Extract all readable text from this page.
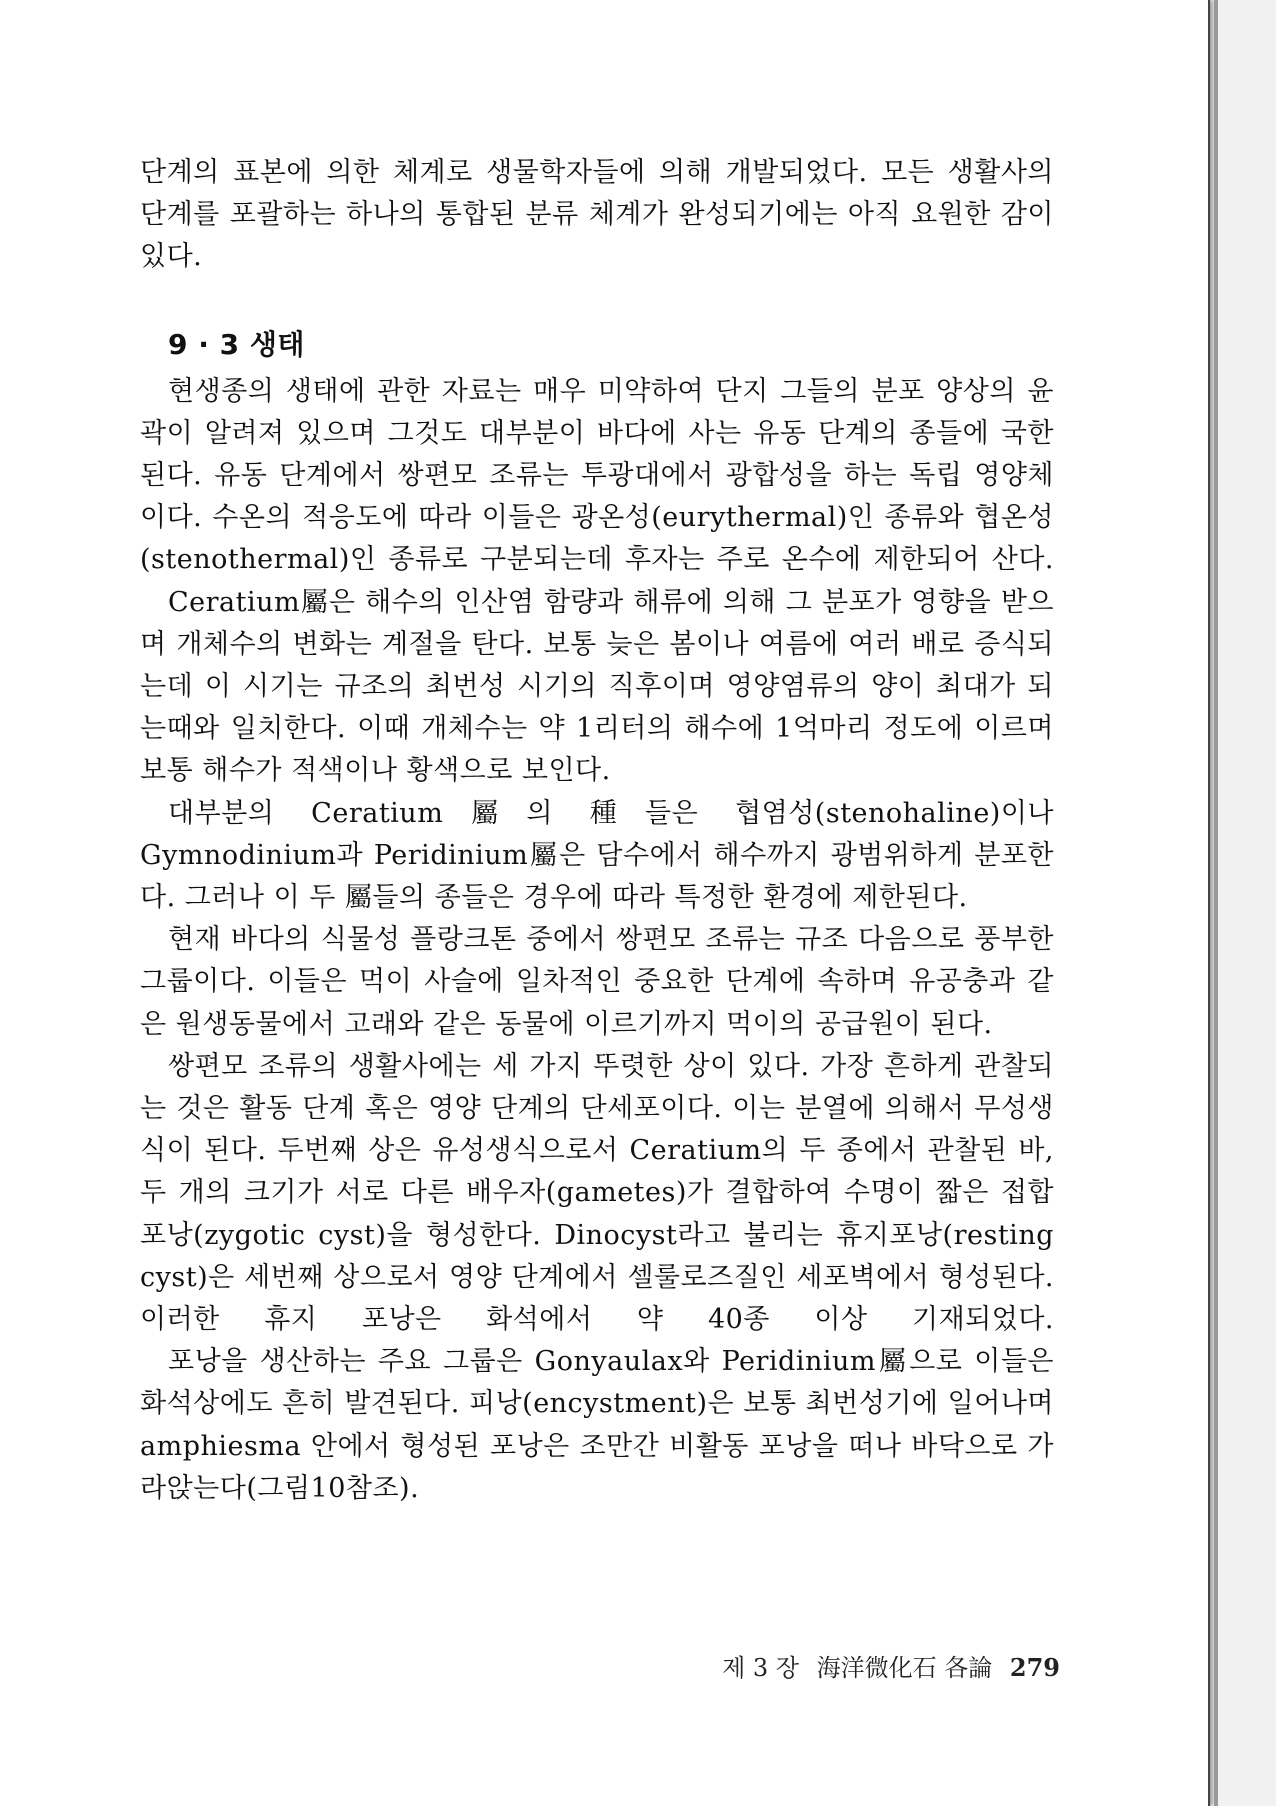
단계의 표본에 의한 체계로 생물학자들에 의해 개발되었다. 모든 생활사의 단계를 포괄하는 하나의 통합된 분류 체계가 완성되기에는 아직 요원한 감이 있다.

9 · 3 생태

현생종의 생태에 관한 자료는 매우 미약하여 단지 그들의 분포 양상의 윤곽이 알려져 있으며 그것도 대부분이 바다에 사는 유동 단계의 종들에 국한된다. 유동 단계에서 쌍편모 조류는 투광대에서 광합성을 하는 독립 영양체이다. 수온의 적응도에 따라 이들은 광온성(eurythermal)인 종류와 협온성(stenothermal)인 종류로 구분되는데 후자는 주로 온수에 제한되어 산다.

Ceratium屬은 해수의 인산염 함량과 해류에 의해 그 분포가 영향을 받으며 개체수의 변화는 계절을 탄다. 보통 늦은 봄이나 여름에 여러 배로 증식되는데 이 시기는 규조의 최번성 시기의 직후이며 영양염류의 양이 최대가 되는때와 일치한다. 이때 개체수는 약 1리터의 해수에 1억마리 정도에 이르며 보통 해수가 적색이나 황색으로 보인다.

대부분의 Ceratium屬의 種들은 협염성(stenohaline)이나 Gymnodinium과 Peridinium屬은 담수에서 해수까지 광범위하게 분포한다. 그러나 이 두 屬들의 종들은 경우에 따라 특정한 환경에 제한된다.

현재 바다의 식물성 플랑크톤 중에서 쌍편모 조류는 규조 다음으로 풍부한 그룹이다. 이들은 먹이 사슬에 일차적인 중요한 단계에 속하며 유공충과 같은 원생동물에서 고래와 같은 동물에 이르기까지 먹이의 공급원이 된다.

쌍편모 조류의 생활사에는 세 가지 뚜렷한 상이 있다. 가장 흔하게 관찰되는 것은 활동 단계 혹은 영양 단계의 단세포이다. 이는 분열에 의해서 무성생식이 된다. 두번째 상은 유성생식으로서 Ceratium의 두 종에서 관찰된 바, 두 개의 크기가 서로 다른 배우자(gametes)가 결합하여 수명이 짧은 접합포낭(zygotic cyst)을 형성한다. Dinocyst라고 불리는 휴지포낭(resting cyst)은 세번째 상으로서 영양 단계에서 셀룰로즈질인 세포벽에서 형성된다. 이러한 휴지 포낭은 화석에서 약 40종 이상 기재되었다.

포낭을 생산하는 주요 그룹은 Gonyaulax와 Peridinium屬으로 이들은 화석상에도 흔히 발견된다. 피낭(encystment)은 보통 최번성기에 일어나며 amphiesma 안에서 형성된 포낭은 조만간 비활동 포낭을 떠나 바닥으로 가라앉는다(그림10참조).

제 3 장 海洋微化石 各論 279
